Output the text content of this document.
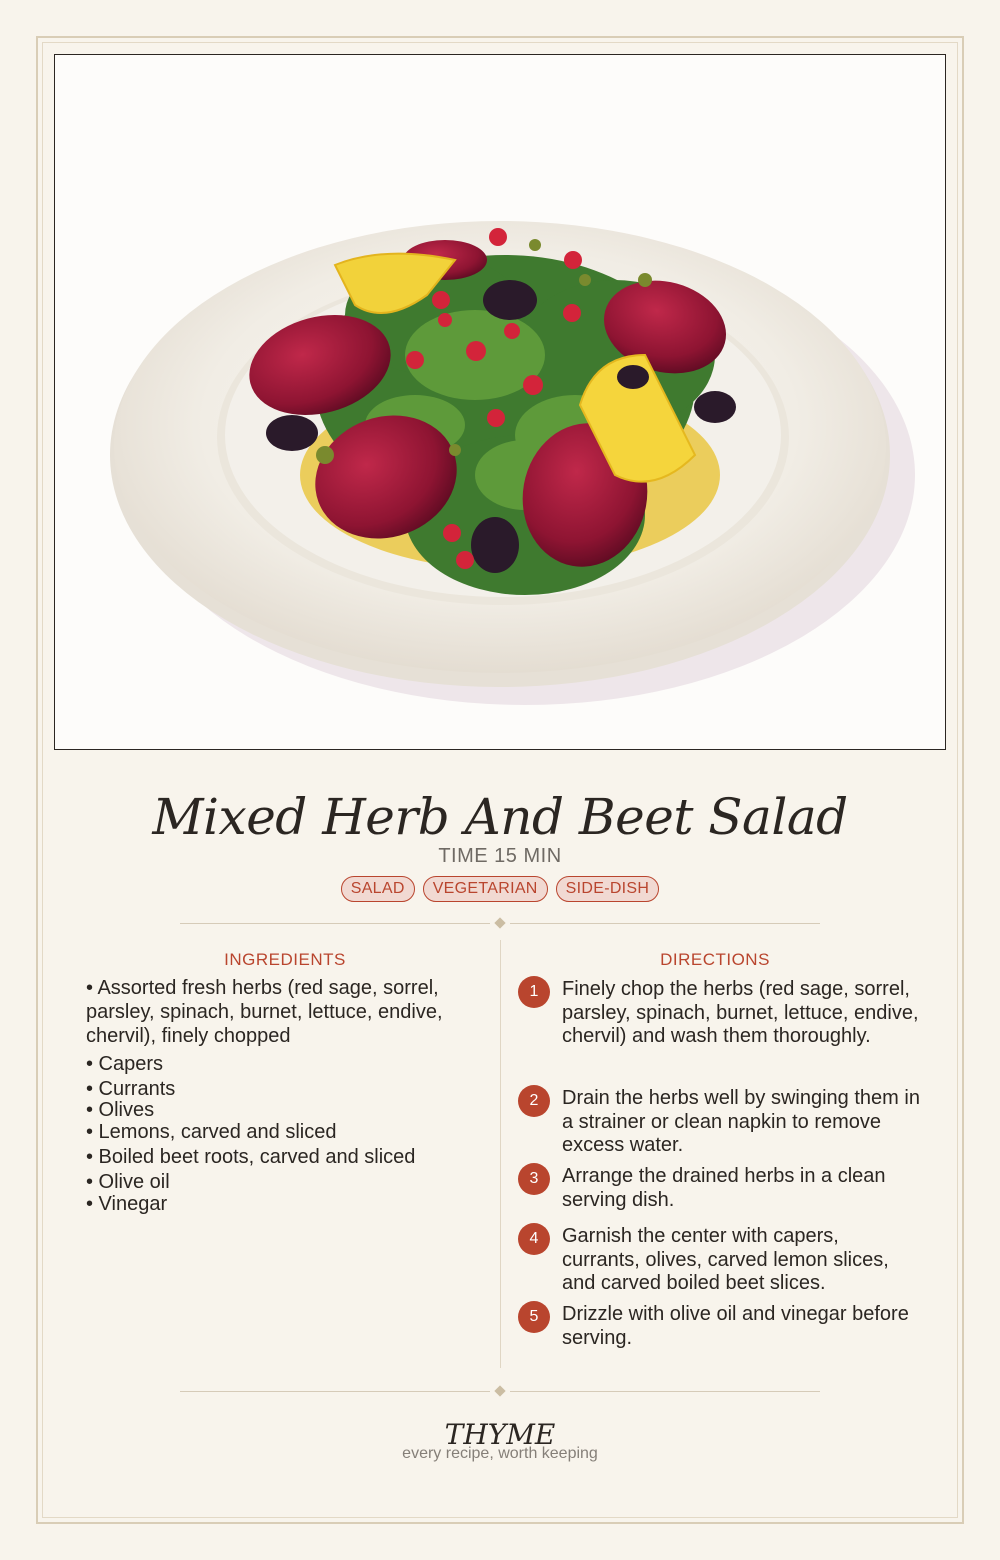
Mixed Herb And Beet Salad
TIME 15 MIN
SALAD	VEGETARIAN	SIDE-DISH
INGREDIENTS	DIRECTIONS
• Assorted fresh herbs (red sage, sorrel, parsley, spinach, burnet, lettuce, endive, chervil), finely chopped
• Capers
• Currants
• Olives
• Lemons, carved and sliced
• Boiled beet roots, carved and sliced
• Olive oil
• Vinegar
1	Finely chop the herbs (red sage, sorrel, parsley, spinach, burnet, lettuce, endive, chervil) and wash them thoroughly.
2	Drain the herbs well by swinging them in a strainer or clean napkin to remove excess water.
3	Arrange the drained herbs in a clean serving dish.
4	Garnish the center with capers, currants, olives, carved lemon slices, and carved boiled beet slices.
5	Drizzle with olive oil and vinegar before serving.
THYME
every recipe, worth keeping
